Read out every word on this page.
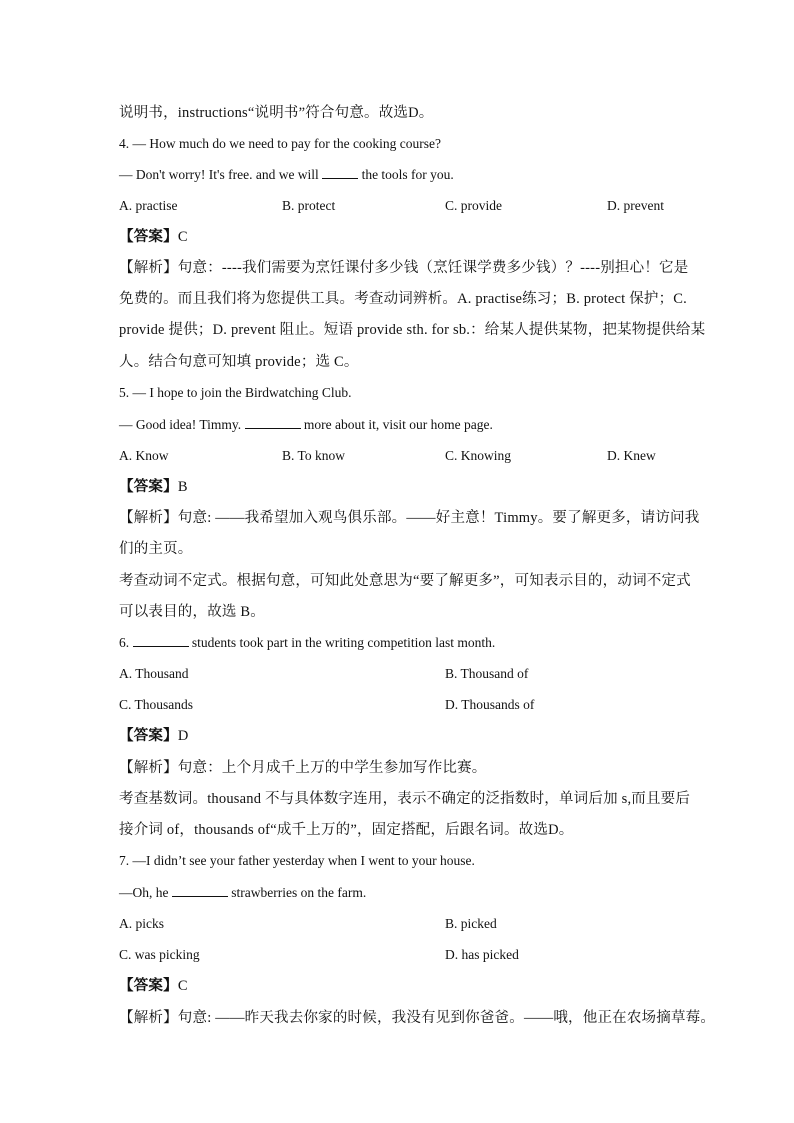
说明书，instructions“说明书”符合句意。故选D。
4. — How much do we need to pay for the cooking course?
— Don't worry! It's free. and we will	the tools for you.
A. practise	B. protect	C. provide	D. prevent
【答案】C
【解析】句意：----我们需要为烹饪课付多少钱（烹饪课学费多少钱）？----别担心！它是
免费的。而且我们将为您提供工具。考查动词辨析。A. practise练习；B. protect 保护；C.
provide 提供；D. prevent 阻止。短语 provide sth. for sb.：给某人提供某物，把某物提供给某
人。结合句意可知填 provide；选 C。
5. — I hope to join the Birdwatching Club.
— Good idea! Timmy.	more about it, visit our home page.
A. Know	B. To know	C. Knowing	D. Knew
【答案】B
【解析】句意: ——我希望加入观鸟俱乐部。——好主意！Timmy。要了解更多，请访问我
们的主页。
考查动词不定式。根据句意，可知此处意思为“要了解更多”，可知表示目的，动词不定式
可以表目的，故选 B。
6.	students took part in the writing competition last month.
A. Thousand	B. Thousand of
C. Thousands	D. Thousands of
【答案】D
【解析】句意：上个月成千上万的中学生参加写作比赛。
考查基数词。thousand 不与具体数字连用，表示不确定的泛指数时，单词后加 s,而且要后
接介词 of，thousands of“成千上万的”，固定搭配，后跟名词。故选D。
7. —I didn’t see your father yesterday when I went to your house.
—Oh, he	strawberries on the farm.
A. picks	B. picked
C. was picking	D. has picked
【答案】C
【解析】句意: ——昨天我去你家的时候，我没有见到你爸爸。——哦，他正在农场摘草莓。
